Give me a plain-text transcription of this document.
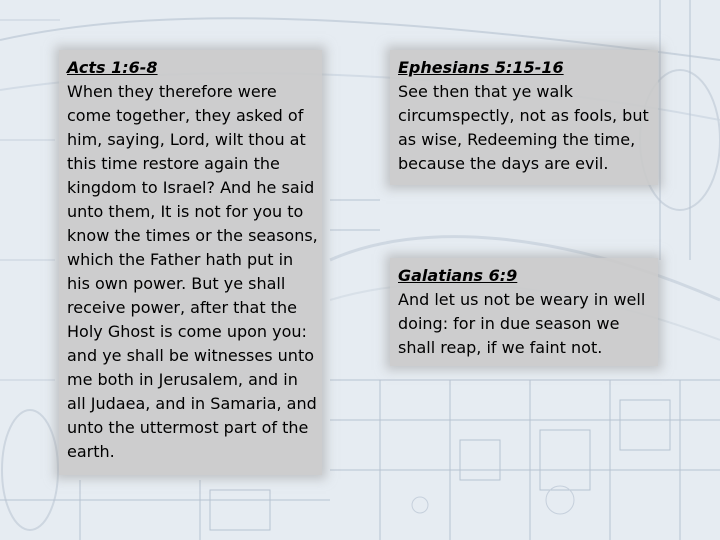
Acts 1:6-8

When they therefore were come together, they asked of him, saying, Lord, wilt thou at this time restore again the kingdom to Israel? And he said unto them, It is not for you to know the times or the seasons, which the Father hath put in his own power. But ye shall receive power, after that the Holy Ghost is come upon you: and ye shall be witnesses unto me both in Jerusalem, and in all Judaea, and in Samaria, and unto the uttermost part of the earth.

Ephesians 5:15-16

See then that ye walk circumspectly, not as fools, but as wise, Redeeming the time, because the days are evil.

Galatians 6:9

And let us not be weary in well doing: for in due season we shall reap, if we faint not.
